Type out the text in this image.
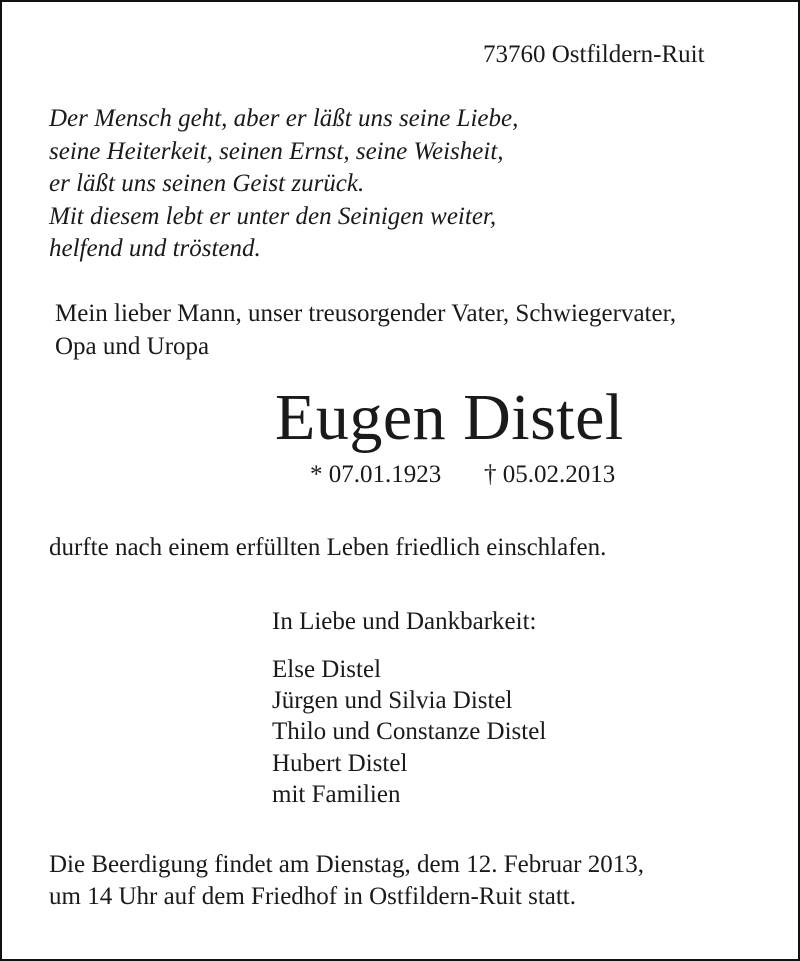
73760 Ostfildern-Ruit
Der Mensch geht, aber er läßt uns seine Liebe,
seine Heiterkeit, seinen Ernst, seine Weisheit,
er läßt uns seinen Geist zurück.
Mit diesem lebt er unter den Seinigen weiter,
helfend und tröstend.
Mein lieber Mann, unser treusorgender Vater, Schwiegervater,
Opa und Uropa
Eugen Distel
* 07.01.1923 † 05.02.2013
durfte nach einem erfüllten Leben friedlich einschlafen.
In Liebe und Dankbarkeit:
Else Distel
Jürgen und Silvia Distel
Thilo und Constanze Distel
Hubert Distel
mit Familien
Die Beerdigung findet am Dienstag, dem 12. Februar 2013,
um 14 Uhr auf dem Friedhof in Ostfildern-Ruit statt.
